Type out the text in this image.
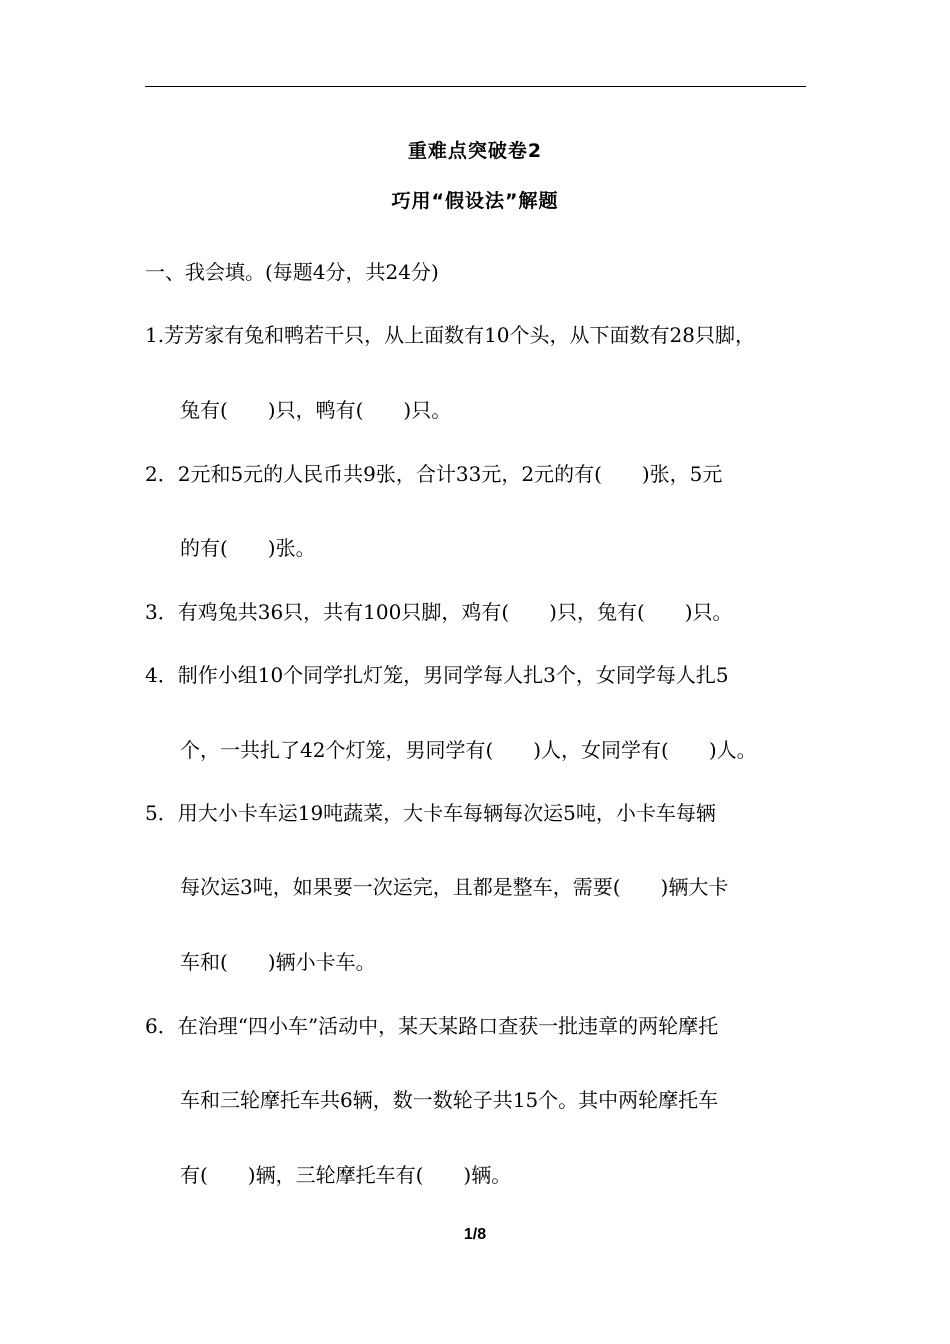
重难点突破卷2
巧用“假设法”解题
一、我会填。(每题4分，共24分)
1.芳芳家有兔和鸭若干只，从上面数有10个头，从下面数有28只脚，
兔有(　　)只，鸭有(　　)只。
2．2元和5元的人民币共9张，合计33元，2元的有(　　)张，5元
的有(　　)张。
3．有鸡兔共36只，共有100只脚，鸡有(　　)只，兔有(　　)只。
4．制作小组10个同学扎灯笼，男同学每人扎3个，女同学每人扎5
个，一共扎了42个灯笼，男同学有(　　)人，女同学有(　　)人。
5．用大小卡车运19吨蔬菜，大卡车每辆每次运5吨，小卡车每辆
每次运3吨，如果要一次运完，且都是整车，需要(　　)辆大卡
车和(　　)辆小卡车。
6．在治理“四小车”活动中，某天某路口查获一批违章的两轮摩托
车和三轮摩托车共6辆，数一数轮子共15个。其中两轮摩托车
有(　　)辆，三轮摩托车有(　　)辆。
1/8
